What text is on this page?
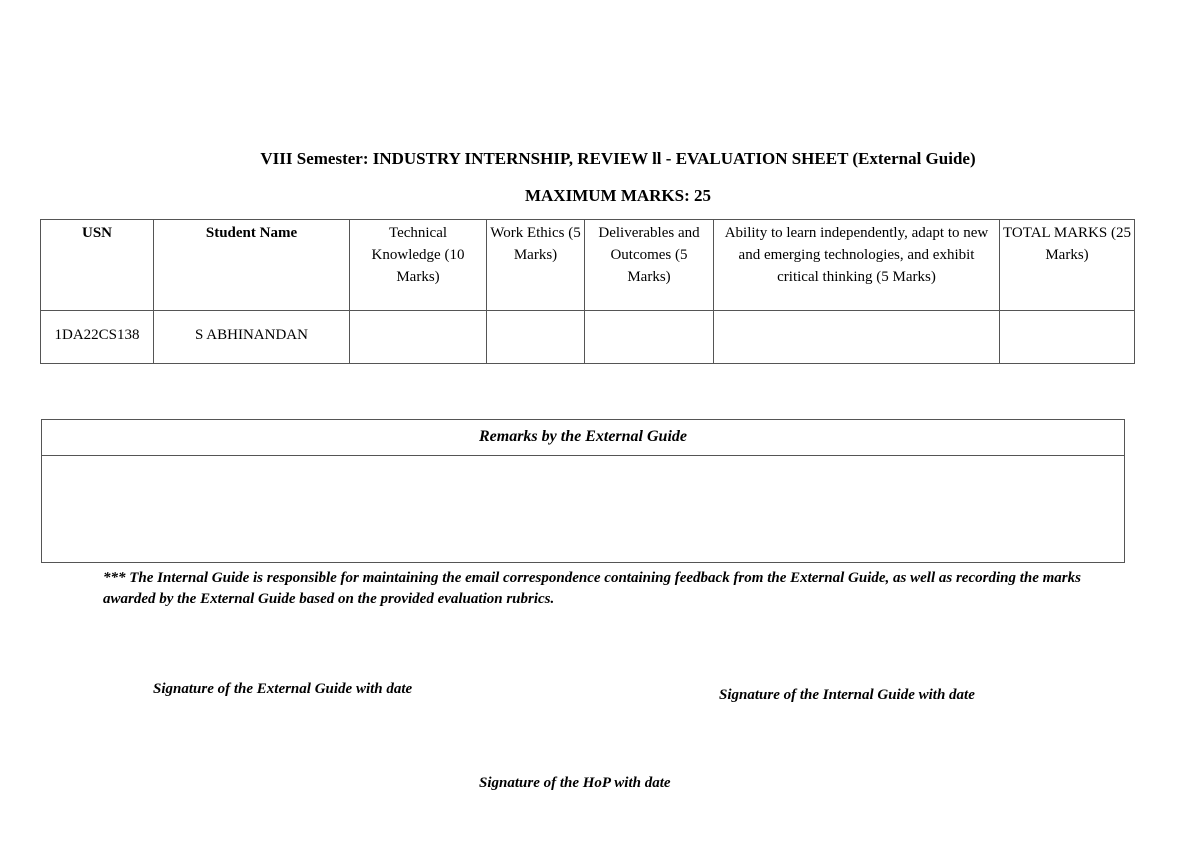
VIII Semester: INDUSTRY INTERNSHIP, REVIEW ll - EVALUATION SHEET (External Guide)
MAXIMUM MARKS: 25
USN	Student Name	Technical Knowledge (10 Marks)	Work Ethics (5 Marks)	Deliverables and Outcomes (5 Marks)	Ability to learn independently, adapt to new and emerging technologies, and exhibit critical thinking (5 Marks)	TOTAL MARKS (25 Marks)
1DA22CS138	S ABHINANDAN					
Remarks by the External Guide
*** The Internal Guide is responsible for maintaining the email correspondence containing feedback from the External Guide, as well as recording the marks awarded by the External Guide based on the provided evaluation rubrics.
Signature of the External Guide with date	Signature of the Internal Guide with date
Signature of the HoP with date
